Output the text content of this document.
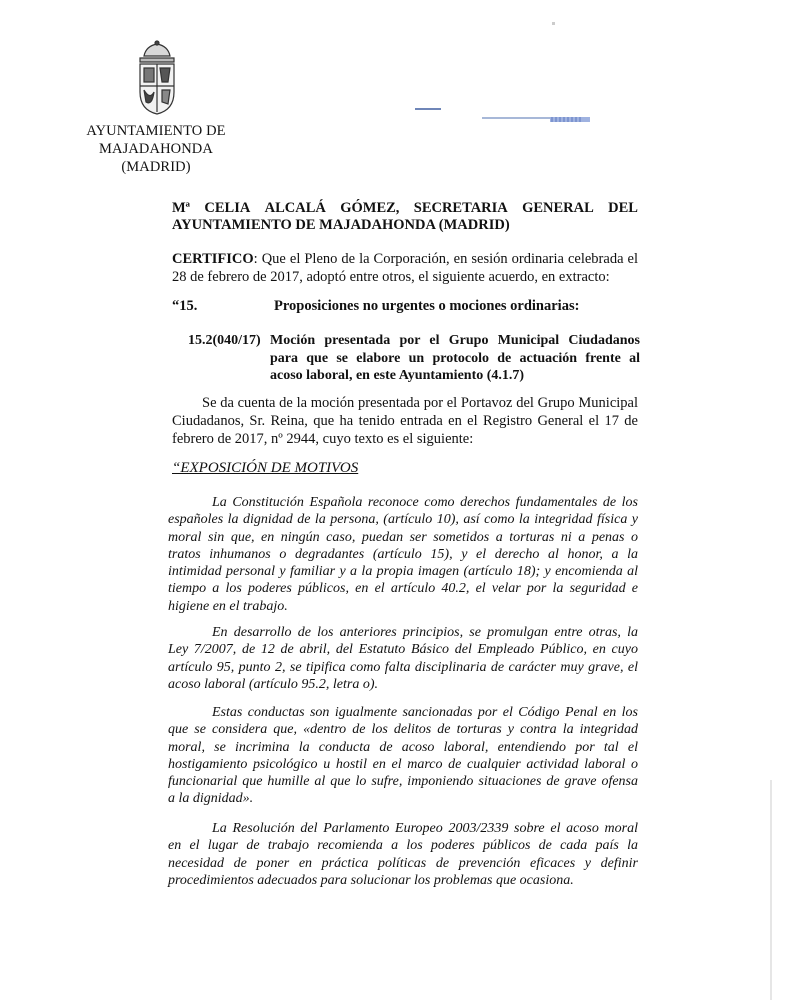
AYUNTAMIENTO DE
MAJADAHONDA
(MADRID)
Mª CELIA ALCALÁ GÓMEZ, SECRETARIA GENERAL DEL
AYUNTAMIENTO DE MAJADAHONDA (MADRID)
CERTIFICO: Que el Pleno de la Corporación, en sesión ordinaria celebrada el
28 de febrero de 2017, adoptó entre otros, el siguiente acuerdo, en extracto:
“15.	Proposiciones no urgentes o mociones ordinarias:
15.2(040/17) Moción presentada por el Grupo Municipal Ciudadanos
para que se elabore un protocolo de actuación frente al
acoso laboral, en este Ayuntamiento (4.1.7)
Se da cuenta de la moción presentada por el Portavoz del Grupo Municipal
Ciudadanos, Sr. Reina, que ha tenido entrada en el Registro General el 17 de
febrero de 2017, nº 2944, cuyo texto es el siguiente:
“EXPOSICIÓN DE MOTIVOS
La Constitución Española reconoce como derechos fundamentales de los
españoles la dignidad de la persona, (artículo 10), así como la integridad física y
moral sin que, en ningún caso, puedan ser sometidos a torturas ni a penas o
tratos inhumanos o degradantes (artículo 15), y el derecho al honor, a la
intimidad personal y familiar y a la propia imagen (artículo 18); y encomienda al
tiempo a los poderes públicos, en el artículo 40.2, el velar por la seguridad e
higiene en el trabajo.
En desarrollo de los anteriores principios, se promulgan entre otras, la
Ley 7/2007, de 12 de abril, del Estatuto Básico del Empleado Público, en cuyo
artículo 95, punto 2, se tipifica como falta disciplinaria de carácter muy grave, el
acoso laboral (artículo 95.2, letra o).
Estas conductas son igualmente sancionadas por el Código Penal en los
que se considera que, «dentro de los delitos de torturas y contra la integridad
moral, se incrimina la conducta de acoso laboral, entendiendo por tal el
hostigamiento psicológico u hostil en el marco de cualquier actividad laboral o
funcionarial que humille al que lo sufre, imponiendo situaciones de grave ofensa
a la dignidad».
La Resolución del Parlamento Europeo 2003/2339 sobre el acoso moral
en el lugar de trabajo recomienda a los poderes públicos de cada país la
necesidad de poner en práctica políticas de prevención eficaces y definir
procedimientos adecuados para solucionar los problemas que ocasiona.
